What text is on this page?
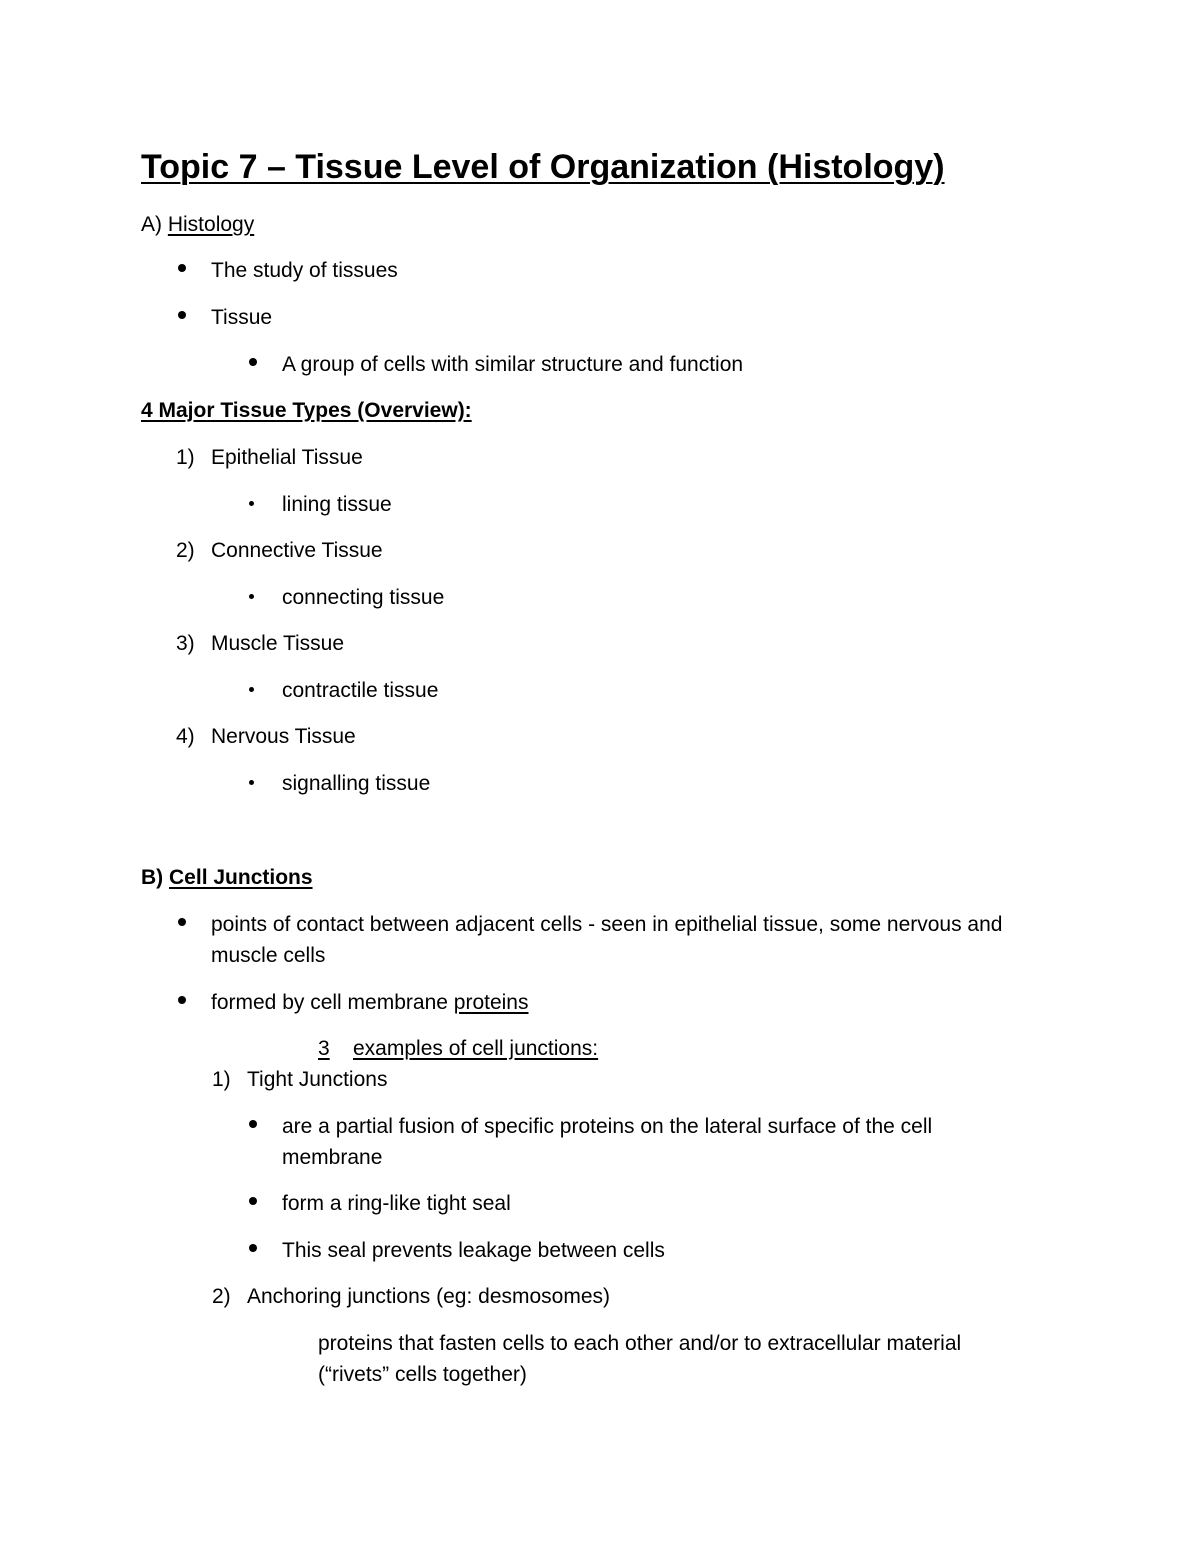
Topic 7 – Tissue Level of Organization (Histology)
A) Histology
The study of tissues
Tissue
A group of cells with similar structure and function
4 Major Tissue Types (Overview):
1) Epithelial Tissue
lining tissue
2) Connective Tissue
connecting tissue
3) Muscle Tissue
contractile tissue
4) Nervous Tissue
signalling tissue
B) Cell Junctions
points of contact between adjacent cells - seen in epithelial tissue, some nervous and
muscle cells
formed by cell membrane proteins
3 examples of cell junctions:
1) Tight Junctions
are a partial fusion of specific proteins on the lateral surface of the cell
membrane
form a ring-like tight seal
This seal prevents leakage between cells
2) Anchoring junctions (eg: desmosomes)
proteins that fasten cells to each other and/or to extracellular material
(“rivets” cells together)
